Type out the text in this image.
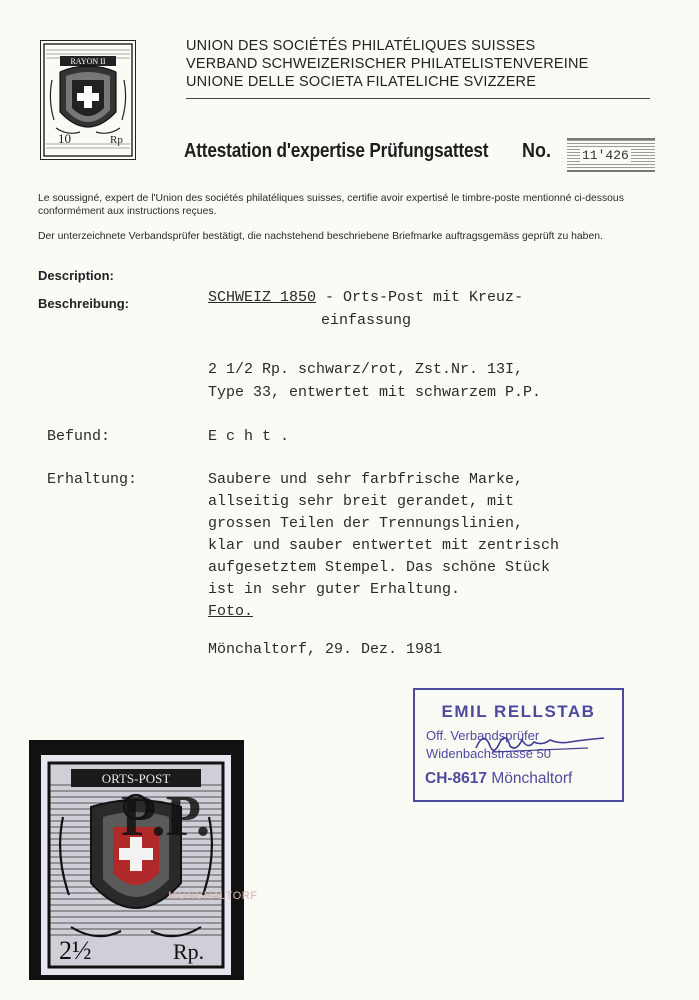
RAYON II
10	Rp
UNION DES SOCIÉTÉS PHILATÉLIQUES SUISSES
VERBAND SCHWEIZERISCHER PHILATELISTENVEREINE
UNIONE DELLE SOCIETA FILATELICHE SVIZZERE
Attestation d'expertise Prüfungsattest No. 11'426
Le soussigné, expert de l'Union des sociétés philatéliques suisses, certifie avoir expertisé le timbre-poste mentionné ci-dessous conformément aux instructions reçues.
Der unterzeichnete Verbandsprüfer bestätigt, die nachstehend beschriebene Briefmarke auftragsgemäss geprüft zu haben.
Description:
Beschreibung:	SCHWEIZ 1850 - Orts-Post mit Kreuz-
einfassung
2 1/2 Rp. schwarz/rot, Zst.Nr. 13I,
Type 33, entwertet mit schwarzem P.P.
Befund:	E c h t .
Erhaltung:	Saubere und sehr farbfrische Marke,
allseitig sehr breit gerandet, mit
grossen Teilen der Trennungslinien,
klar und sauber entwertet mit zentrisch
aufgesetztem Stempel. Das schöne Stück
ist in sehr guter Erhaltung.
Foto.
Mönchaltorf, 29. Dez. 1981
EMIL RELLSTAB
Off. Verbandsprüfer
Widenbachstrasse 50
CH-8617 Mönchaltorf
ORTS-POST
P.P.
2½	Rp.
MÖNCHALTORF
